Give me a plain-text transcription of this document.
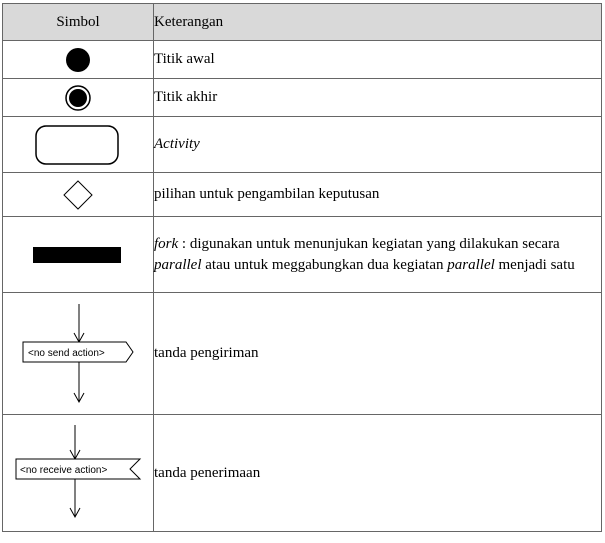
Simbol	Keterangan

	Titik awal

	Titik akhir

	Activity

	pilihan untuk pengambilan keputusan

	fork : digunakan untuk menunjukan kegiatan yang dilakukan secara parallel atau untuk meggabungkan dua kegiatan parallel menjadi satu

<no send action>	tanda pengiriman

<no receive action>	tanda penerimaan
